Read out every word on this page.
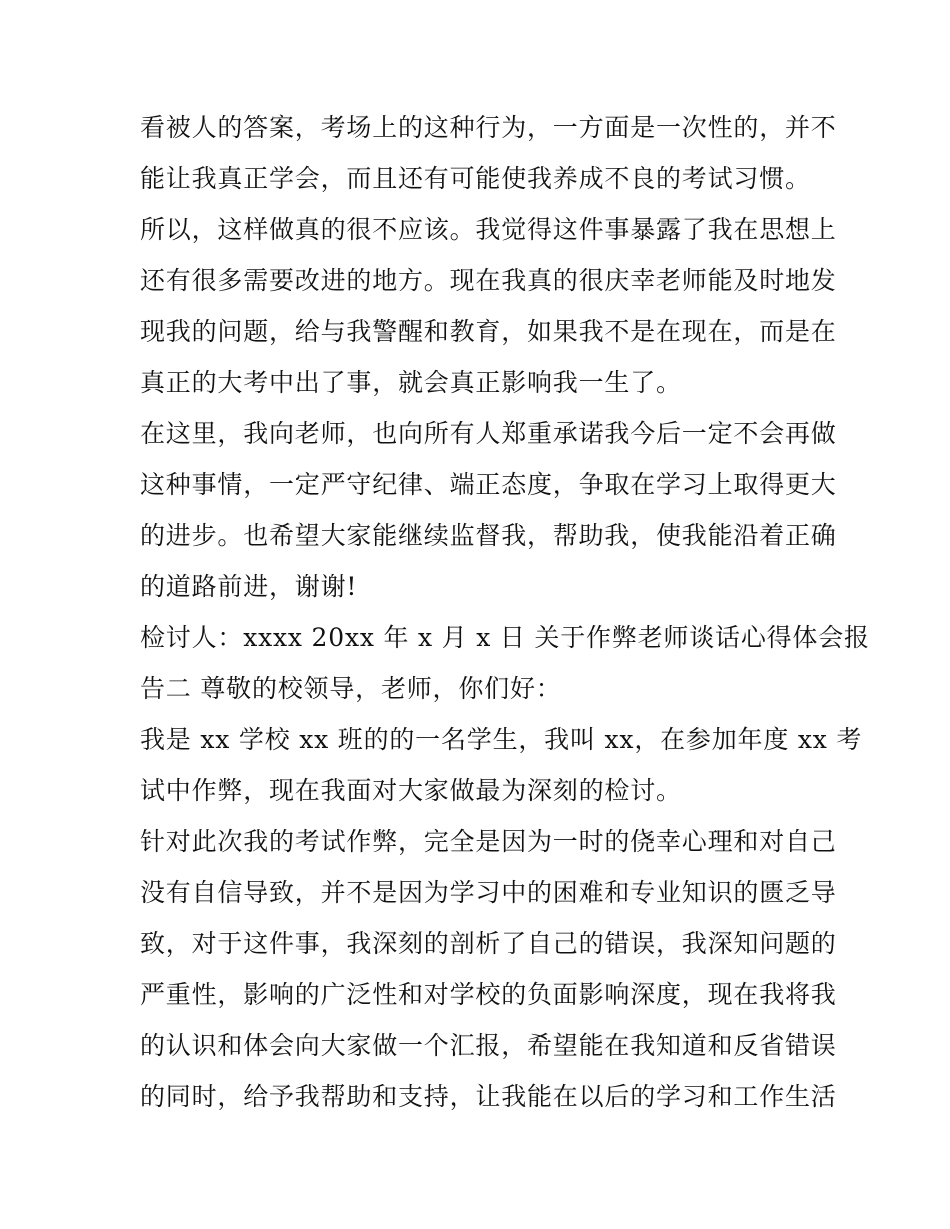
看被人的答案，考场上的这种行为，一方面是一次性的，并不
能让我真正学会，而且还有可能使我养成不良的考试习惯。
所以，这样做真的很不应该。我觉得这件事暴露了我在思想上
还有很多需要改进的地方。现在我真的很庆幸老师能及时地发
现我的问题，给与我警醒和教育，如果我不是在现在，而是在
真正的大考中出了事，就会真正影响我一生了。
在这里，我向老师，也向所有人郑重承诺我今后一定不会再做
这种事情，一定严守纪律、端正态度，争取在学习上取得更大
的进步。也希望大家能继续监督我，帮助我，使我能沿着正确
的道路前进，谢谢!
检讨人：xxxx 20xx 年 x 月 x 日 关于作弊老师谈话心得体会报
告二 尊敬的校领导，老师，你们好：
我是 xx 学校 xx 班的的一名学生，我叫 xx，在参加年度 xx 考
试中作弊，现在我面对大家做最为深刻的检讨。
针对此次我的考试作弊，完全是因为一时的侥幸心理和对自己
没有自信导致，并不是因为学习中的困难和专业知识的匮乏导
致，对于这件事，我深刻的剖析了自己的错误，我深知问题的
严重性，影响的广泛性和对学校的负面影响深度，现在我将我
的认识和体会向大家做一个汇报，希望能在我知道和反省错误
的同时，给予我帮助和支持，让我能在以后的学习和工作生活
